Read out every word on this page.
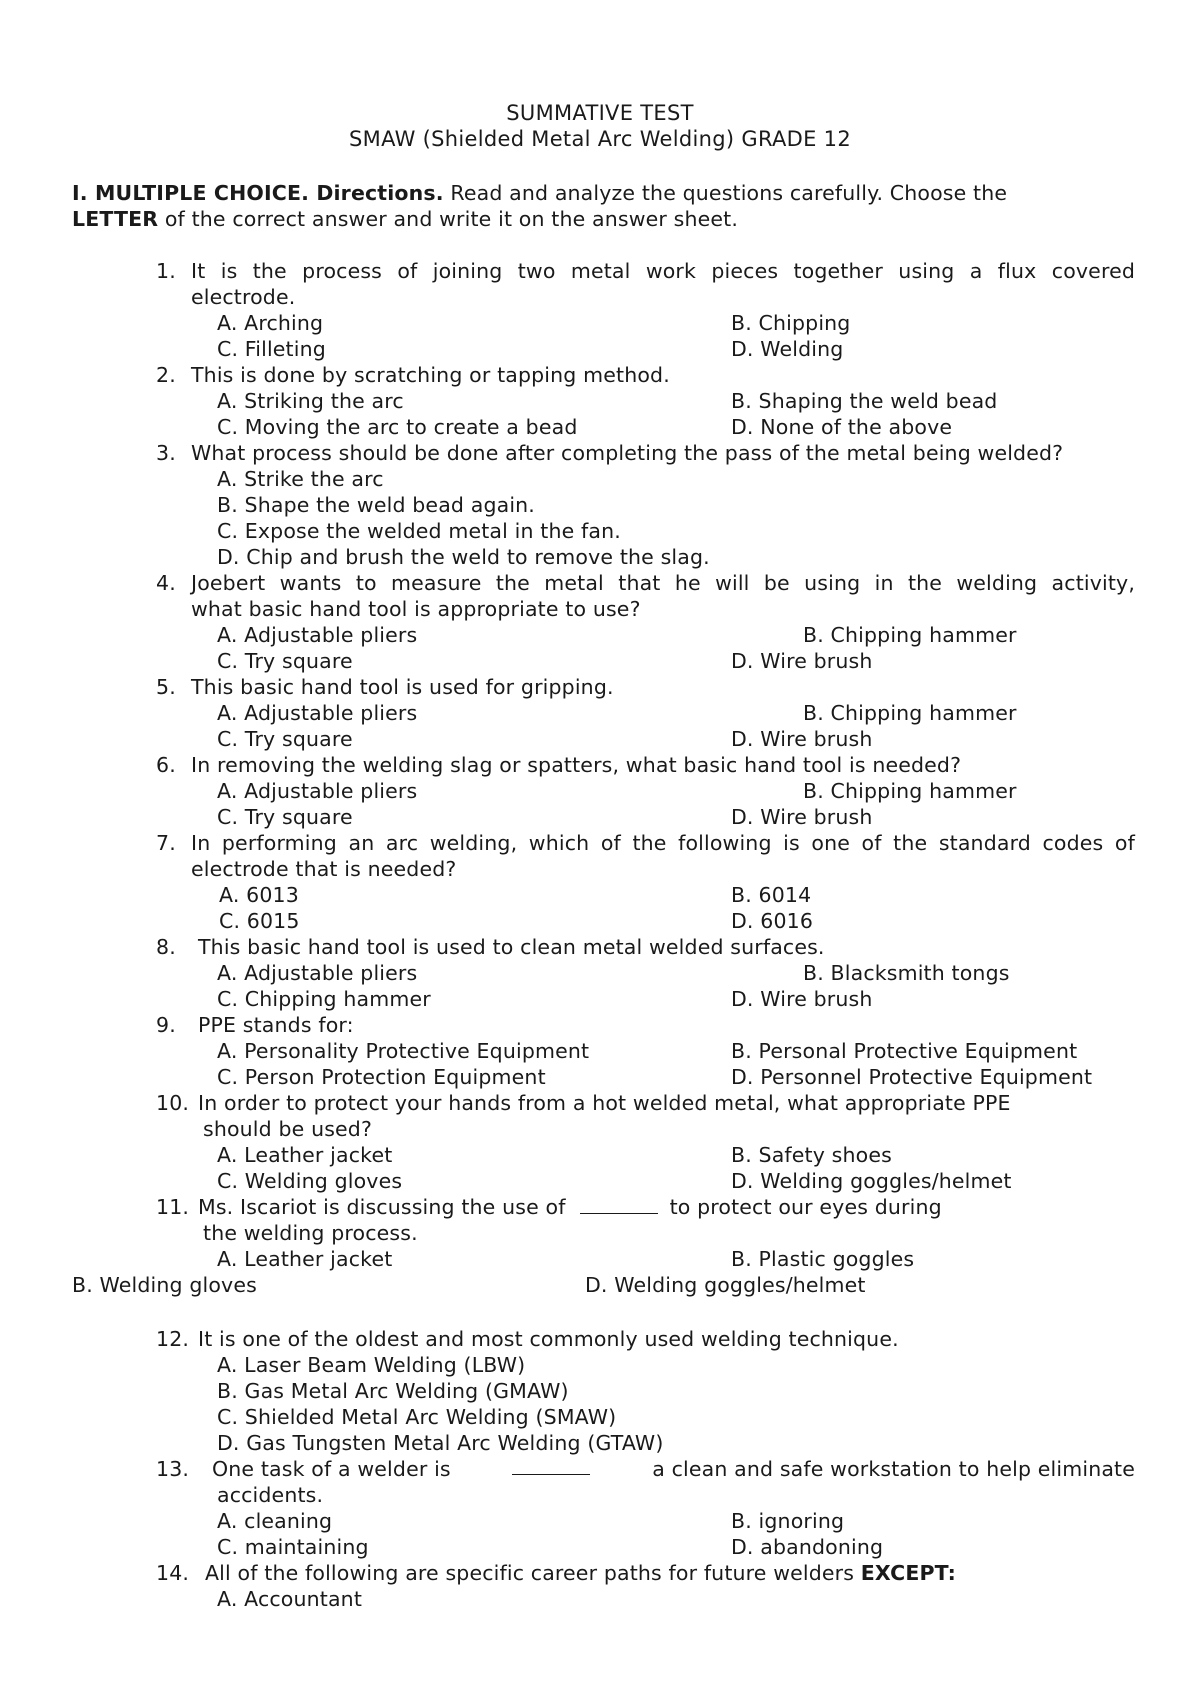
SUMMATIVE TEST
SMAW (Shielded Metal Arc Welding) GRADE 12
I. MULTIPLE CHOICE. Directions. Read and analyze the questions carefully. Choose the
LETTER of the correct answer and write it on the answer sheet.
1. It is the process of joining two metal work pieces together using a flux covered
electrode.
A. Arching	B. Chipping
C. Filleting	D. Welding
2. This is done by scratching or tapping method.
A. Striking the arc	B. Shaping the weld bead
C. Moving the arc to create a bead	D. None of the above
3. What process should be done after completing the pass of the metal being welded?
A. Strike the arc
B. Shape the weld bead again.
C. Expose the welded metal in the fan.
D. Chip and brush the weld to remove the slag.
4. Joebert wants to measure the metal that he will be using in the welding activity,
what basic hand tool is appropriate to use?
A. Adjustable pliers	B. Chipping hammer
C. Try square	D. Wire brush
5. This basic hand tool is used for gripping.
A. Adjustable pliers	B. Chipping hammer
C. Try square	D. Wire brush
6. In removing the welding slag or spatters, what basic hand tool is needed?
A. Adjustable pliers	B. Chipping hammer
C. Try square	D. Wire brush
7. In performing an arc welding, which of the following is one of the standard codes of
electrode that is needed?
A. 6013	B. 6014
C. 6015	D. 6016
8. This basic hand tool is used to clean metal welded surfaces.
A. Adjustable pliers	B. Blacksmith tongs
C. Chipping hammer	D. Wire brush
9. PPE stands for:
A. Personality Protective Equipment	B. Personal Protective Equipment
C. Person Protection Equipment	D. Personnel Protective Equipment
10. In order to protect your hands from a hot welded metal, what appropriate PPE
should be used?
A. Leather jacket	B. Safety shoes
C. Welding gloves	D. Welding goggles/helmet
11. Ms. Iscariot is discussing the use of	to protect our eyes during
the welding process.
A. Leather jacket	B. Plastic goggles
B. Welding gloves	D. Welding goggles/helmet
12. It is one of the oldest and most commonly used welding technique.
A. Laser Beam Welding (LBW)
B. Gas Metal Arc Welding (GMAW)
C. Shielded Metal Arc Welding (SMAW)
D. Gas Tungsten Metal Arc Welding (GTAW)
13. One task of a welder is	a clean and safe workstation to help eliminate
accidents.
A. cleaning	B. ignoring
C. maintaining	D. abandoning
14. All of the following are specific career paths for future welders EXCEPT:
A. Accountant
